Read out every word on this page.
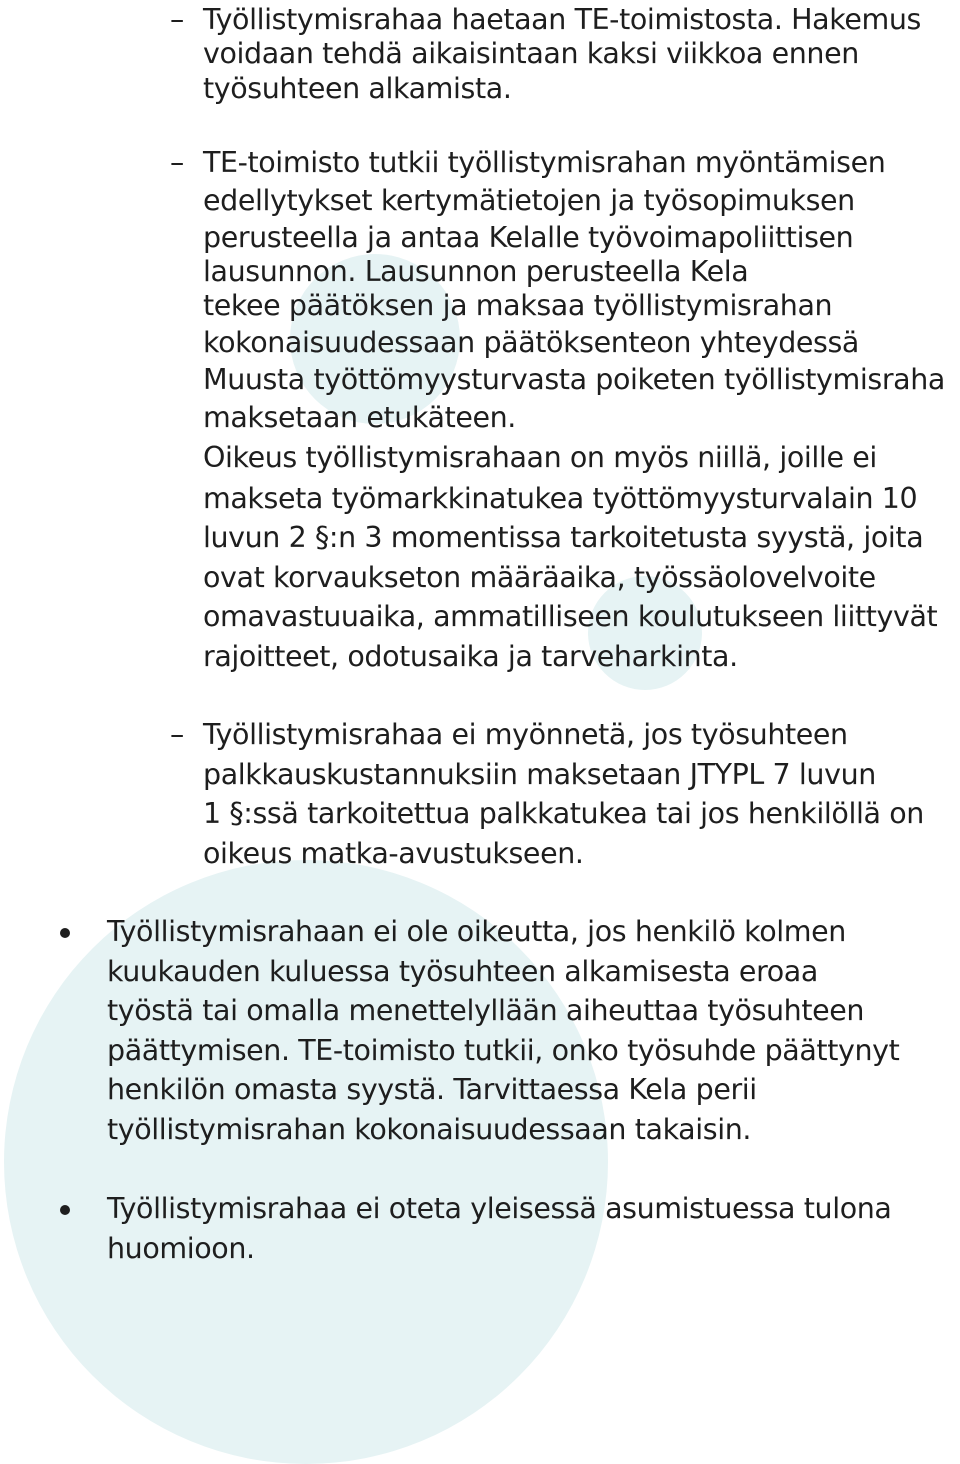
– Työllistymisrahaa haetaan TE-toimistosta. Hakemus
voidaan tehdä aikaisintaan kaksi viikkoa ennen
työsuhteen alkamista.
– TE-toimisto tutkii työllistymisrahan myöntämisen
edellytykset kertymätietojen ja työsopimuksen
perusteella ja antaa Kelalle työvoimapoliittisen
lausunnon. Lausunnon perusteella Kela
tekee päätöksen ja maksaa työllistymisrahan
kokonaisuudessaan päätöksenteon yhteydessä
Muusta työttömyysturvasta poiketen työllistymisraha
maksetaan etukäteen.
Oikeus työllistymisrahaan on myös niillä, joille ei
makseta työmarkkinatukea työttömyysturvalain 10
luvun 2 §:n 3 momentissa tarkoitetusta syystä, joita
ovat korvaukseton määräaika, työssäolovelvoite
omavastuuaika, ammatilliseen koulutukseen liittyvät
rajoitteet, odotusaika ja tarveharkinta.
– Työllistymisrahaa ei myönnetä, jos työsuhteen
palkkauskustannuksiin maksetaan JTYPL 7 luvun
1 §:ssä tarkoitettua palkkatukea tai jos henkilöllä on
oikeus matka-avustukseen.
Työllistymisrahaan ei ole oikeutta, jos henkilö kolmen
kuukauden kuluessa työsuhteen alkamisesta eroaa
työstä tai omalla menettelyllään aiheuttaa työsuhteen
päättymisen. TE-toimisto tutkii, onko työsuhde päättynyt
henkilön omasta syystä. Tarvittaessa Kela perii
työllistymisrahan kokonaisuudessaan takaisin.
Työllistymisrahaa ei oteta yleisessä asumistuessa tulona
huomioon.
